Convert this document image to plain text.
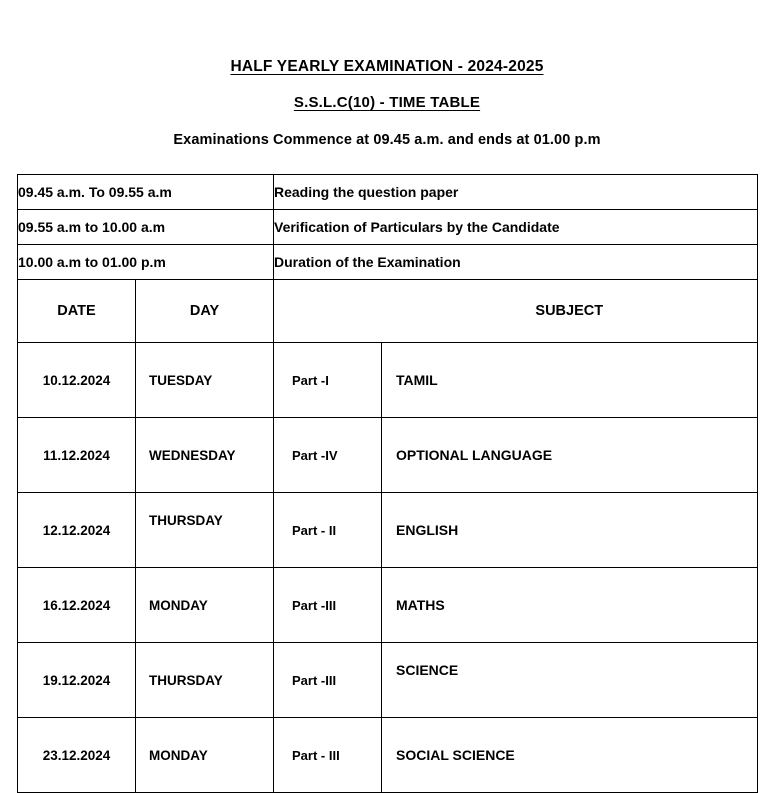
HALF YEARLY EXAMINATION - 2024-2025
S.S.L.C(10) - TIME TABLE
Examinations Commence at 09.45 a.m. and ends at 01.00 p.m
09.45 a.m. To 09.55 a.m		Reading the question paper	
09.55 a.m to 10.00 a.m		Verification of Particulars by the Candidate	
10.00 a.m to 01.00 p.m		Duration of the Examination	
DATE	DAY		SUBJECT
10.12.2024	TUESDAY	Part -I	TAMIL
11.12.2024	WEDNESDAY	Part -IV	OPTIONAL LANGUAGE
12.12.2024	THURSDAY	Part - II	ENGLISH
16.12.2024	MONDAY	Part -III	MATHS
19.12.2024	THURSDAY	Part -III	SCIENCE
23.12.2024	MONDAY	Part - III	SOCIAL SCIENCE
